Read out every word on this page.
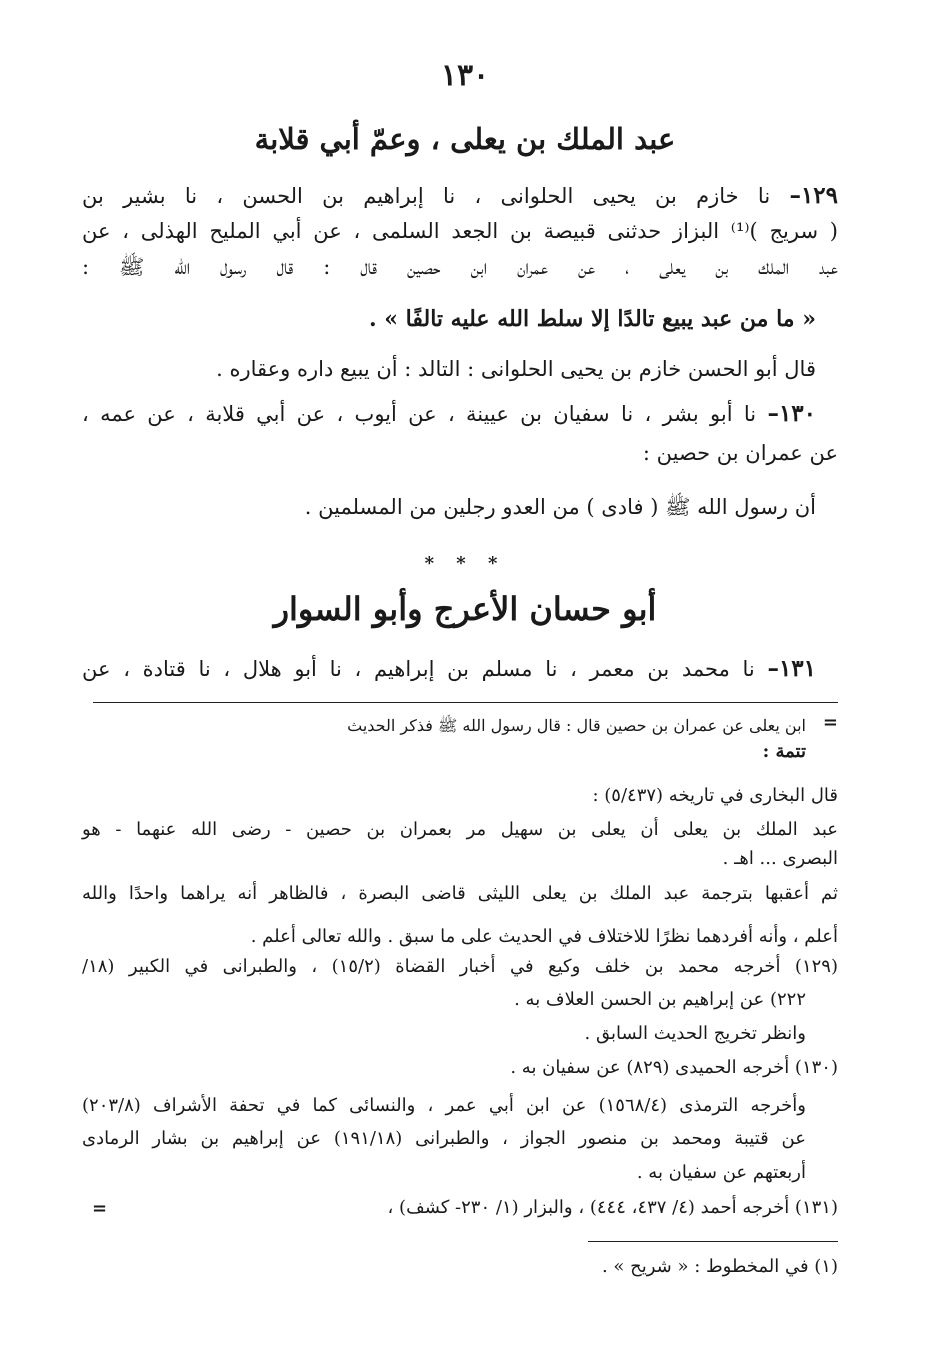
١٣٠
عبد الملك بن يعلى ، وعمّ أبي قلابة
١٢٩– نا خازم بن يحيى الحلوانى ، نا إبراهيم بن الحسن ، نا بشير بن
( سريج )⁽¹⁾ البزاز حدثنى قبيصة بن الجعد السلمى ، عن أبي المليح الهذلى ، عن
عبد الملك بن يعلى ، عن عمران ابن حصين قال : قال رسول الله ﷺ :
« ما من عبد يبيع تالدًا إلا سلط الله عليه تالفًا » .
قال أبو الحسن خازم بن يحيى الحلوانى : التالد : أن يبيع داره وعقاره .
١٣٠– نا أبو بشر ، نا سفيان بن عيينة ، عن أيوب ، عن أبي قلابة ، عن عمه ،
عن عمران بن حصين :
أن رسول الله ﷺ ( فادى ) من العدو رجلين من المسلمين .
* * *
أبو حسان الأعرج وأبو السوار
١٣١– نا محمد بن معمر ، نا مسلم بن إبراهيم ، نا أبو هلال ، نا قتادة ، عن
=
ابن يعلى عن عمران بن حصين قال : قال رسول الله ﷺ فذكر الحديث
تتمة :
قال البخارى في تاريخه (٥/٤٣٧) :
عبد الملك بن يعلى أن يعلى بن سهيل مر بعمران بن حصين - رضى الله عنهما - هو
البصرى ... اهـ .
ثم أعقبها بترجمة عبد الملك بن يعلى الليثى قاضى البصرة ، فالظاهر أنه يراهما واحدًا والله
أعلم ، وأنه أفردهما نظرًا للاختلاف في الحديث على ما سبق . والله تعالى أعلم .
(١٢٩) أخرجه محمد بن خلف وكيع في أخبار القضاة (١٥/٢) ، والطبرانى في الكبير (١٨/
٢٢٢) عن إبراهيم بن الحسن العلاف به .
وانظر تخريج الحديث السابق .
(١٣٠) أخرجه الحميدى (٨٢٩) عن سفيان به .
وأخرجه الترمذى (١٥٦٨/٤) عن ابن أبي عمر ، والنسائى كما في تحفة الأشراف (٢٠٣/٨)
عن قتيبة ومحمد بن منصور الجواز ، والطبرانى (١٩١/١٨) عن إبراهيم بن بشار الرمادى
أربعتهم عن سفيان به .
(١٣١) أخرجه أحمد (٤/ ٤٣٧، ٤٤٤) ، والبزار (١/ ٢٣٠- كشف) ،
=
(١) في المخطوط : « شريح » .
